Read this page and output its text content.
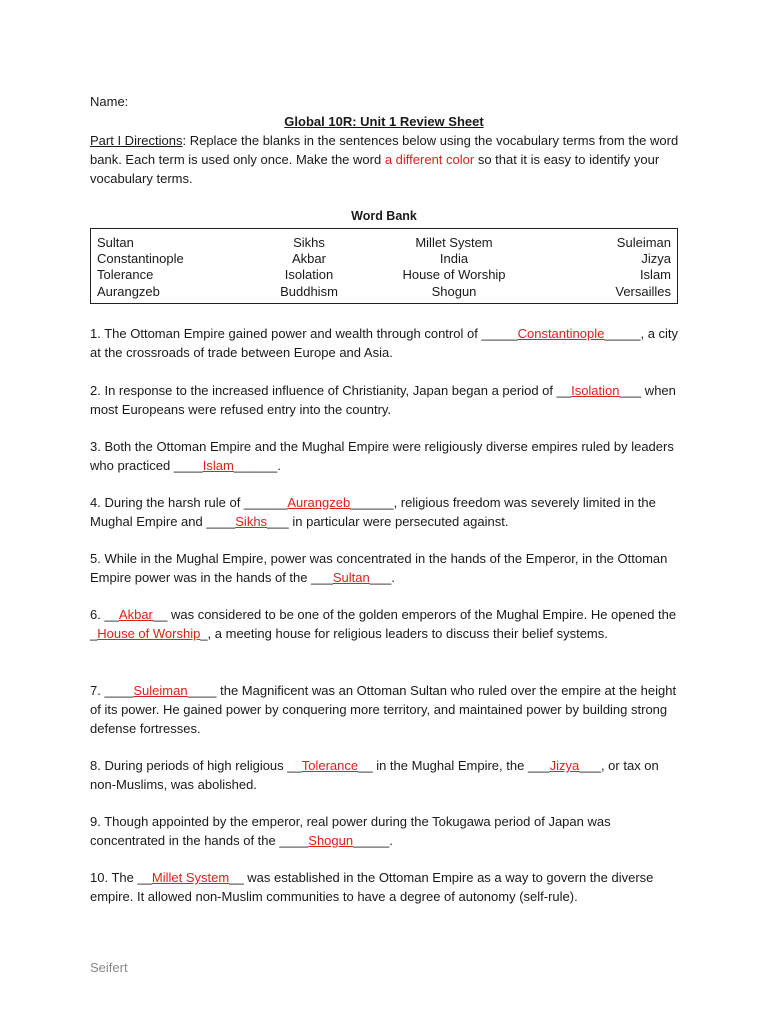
Name:
Global 10R: Unit 1 Review Sheet
Part I Directions: Replace the blanks in the sentences below using the vocabulary terms from the word bank. Each term is used only once. Make the word a different color so that it is easy to identify your vocabulary terms.
Word Bank
Sultan	Sikhs	Millet System	Suleiman
Constantinople	Akbar	India	Jizya
Tolerance	Isolation	House of Worship	Islam
Aurangzeb	Buddhism	Shogun	Versailles
1. The Ottoman Empire gained power and wealth through control of _____Constantinople_____, a city at the crossroads of trade between Europe and Asia.
2. In response to the increased influence of Christianity, Japan began a period of __Isolation___ when most Europeans were refused entry into the country.
3. Both the Ottoman Empire and the Mughal Empire were religiously diverse empires ruled by leaders who practiced ____Islam______.
4. During the harsh rule of ______Aurangzeb______, religious freedom was severely limited in the Mughal Empire and ____Sikhs___ in particular were persecuted against.
5. While in the Mughal Empire, power was concentrated in the hands of the Emperor, in the Ottoman Empire power was in the hands of the ___Sultan___.
6. __Akbar__ was considered to be one of the golden emperors of the Mughal Empire. He opened the _House of Worship_, a meeting house for religious leaders to discuss their belief systems.
7. ____Suleiman____ the Magnificent was an Ottoman Sultan who ruled over the empire at the height of its power. He gained power by conquering more territory, and maintained power by building strong defense fortresses.
8. During periods of high religious __Tolerance__ in the Mughal Empire, the ___Jizya___, or tax on non-Muslims, was abolished.
9. Though appointed by the emperor, real power during the Tokugawa period of Japan was concentrated in the hands of the ____Shogun_____.
10. The __Millet System__ was established in the Ottoman Empire as a way to govern the diverse empire. It allowed non-Muslim communities to have a degree of autonomy (self-rule).
Seifert
